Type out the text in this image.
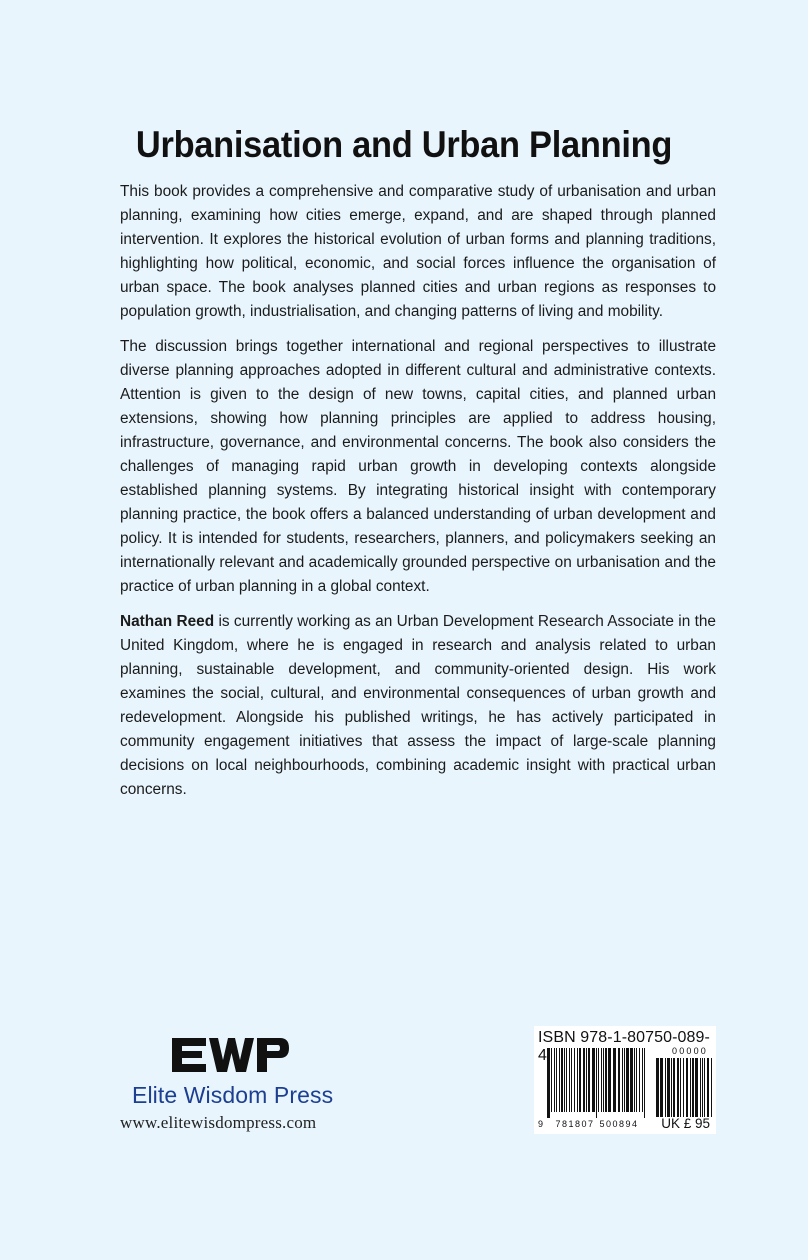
Urbanisation and Urban Planning

This book provides a comprehensive and comparative study of urbanisation and urban planning, examining how cities emerge, expand, and are shaped through planned intervention. It explores the historical evolution of urban forms and planning traditions, highlighting how political, economic, and social forces influence the organisation of urban space. The book analyses planned cities and urban regions as responses to population growth, industrialisation, and changing patterns of living and mobility.

The discussion brings together international and regional perspectives to illustrate diverse planning approaches adopted in different cultural and administrative contexts. Attention is given to the design of new towns, capital cities, and planned urban extensions, showing how planning principles are applied to address housing, infrastructure, governance, and environmental concerns. The book also considers the challenges of managing rapid urban growth in developing contexts alongside established planning systems. By integrating historical insight with contemporary planning practice, the book offers a balanced understanding of urban development and policy. It is intended for students, researchers, planners, and policymakers seeking an internationally relevant and academically grounded perspective on urbanisation and the practice of urban planning in a global context.

Nathan Reed is currently working as an Urban Development Research Associate in the United Kingdom, where he is engaged in research and analysis related to urban planning, sustainable development, and community-oriented design. His work examines the social, cultural, and environmental consequences of urban growth and redevelopment. Alongside his published writings, he has actively participated in community engagement initiatives that assess the impact of large-scale planning decisions on local neighbourhoods, combining academic insight with practical urban concerns.

Elite Wisdom Press
www.elitewisdompress.com
ISBN 978-1-80750-089-4	00000
9 781807 500894 UK £ 95
